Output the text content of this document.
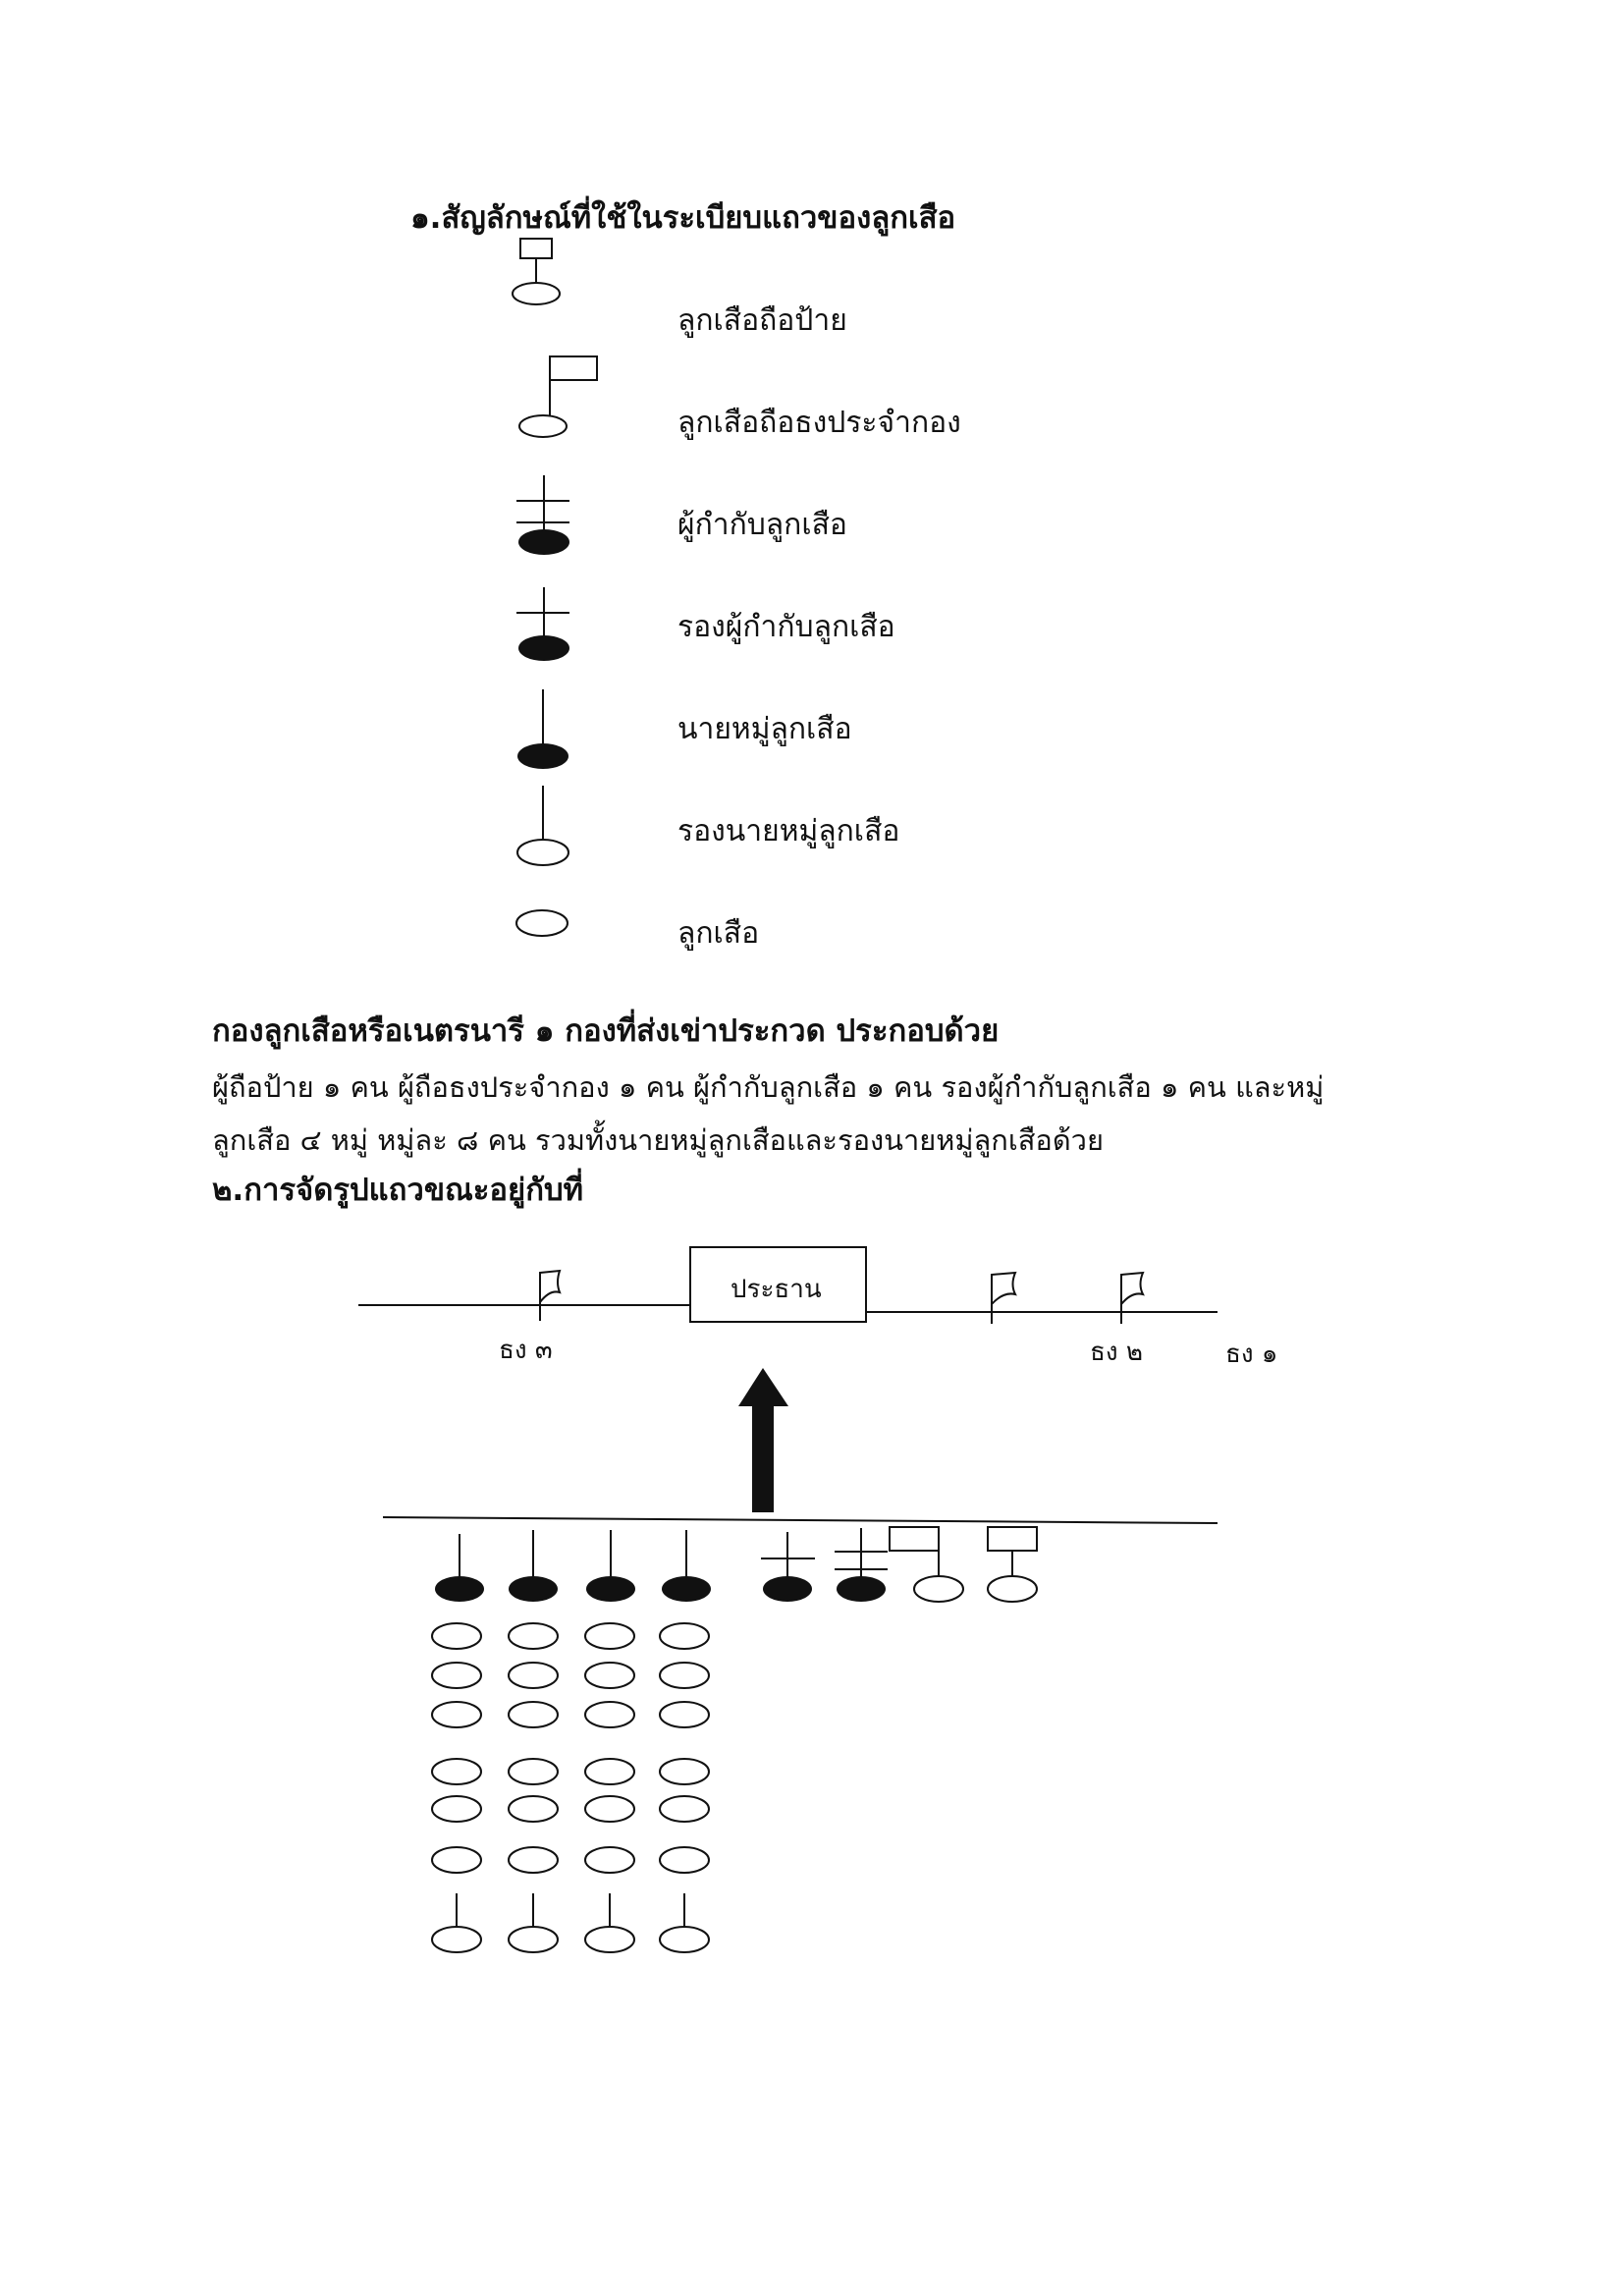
๑.สัญลักษณ์ที่ใช้ในระเบียบแถวของลูกเสือ
ลูกเสือถือป้าย
ลูกเสือถือธงประจำกอง
ผู้กำกับลูกเสือ
รองผู้กำกับลูกเสือ
นายหมู่ลูกเสือ
รองนายหมู่ลูกเสือ
ลูกเสือ
กองลูกเสือหรือเนตรนารี ๑ กองที่ส่งเข่าประกวด ประกอบด้วย
ผู้ถือป้าย ๑ คน ผู้ถือธงประจำกอง ๑ คน ผู้กำกับลูกเสือ ๑ คน รองผู้กำกับลูกเสือ ๑ คน และหมู่
ลูกเสือ ๔ หมู่ หมู่ละ ๘ คน รวมทั้งนายหมู่ลูกเสือและรองนายหมู่ลูกเสือด้วย
๒.การจัดรูปแถวขณะอยู่กับที่
ประธาน
ธง ๓	ธง ๒	ธง ๑
